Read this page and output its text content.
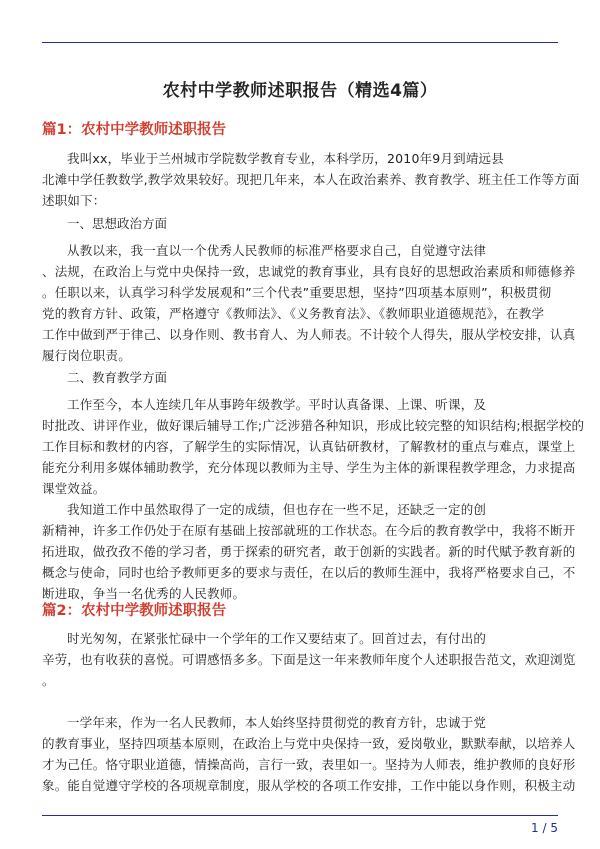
农村中学教师述职报告（精选4篇）
篇1：农村中学教师述职报告
我叫xx，毕业于兰州城市学院数学教育专业，本科学历，2010年9月到靖远县
北滩中学任教数学,教学效果较好。现把几年来，本人在政治素养、教育教学、班主任工作等方面
述职如下：
一、思想政治方面
从教以来，我一直以一个优秀人民教师的标准严格要求自己，自觉遵守法律
、法规，在政治上与党中央保持一致，忠诚党的教育事业，具有良好的思想政治素质和师德修养
。任职以来，认真学习科学发展观和”三个代表”重要思想，坚持”四项基本原则”，积极贯彻
党的教育方针、政策，严格遵守《教师法》、《义务教育法》、《教师职业道德规范》，在教学
工作中做到严于律己、以身作则、教书育人、为人师表。不计较个人得失，服从学校安排，认真
履行岗位职责。
二、教育教学方面
工作至今，本人连续几年从事跨年级教学。平时认真备课、上课、听课，及
时批改、讲评作业，做好课后辅导工作;广泛涉猎各种知识，形成比较完整的知识结构;根据学校的
工作目标和教材的内容，了解学生的实际情况，认真钻研教材，了解教材的重点与难点，课堂上
能充分利用多媒体辅助教学，充分体现以教师为主导、学生为主体的新课程教学理念，力求提高
课堂效益。
我知道工作中虽然取得了一定的成绩，但也存在一些不足，还缺乏一定的创
新精神，许多工作仍处于在原有基础上按部就班的工作状态。在今后的教育教学中，我将不断开
拓进取，做孜孜不倦的学习者，勇于探索的研究者，敢于创新的实践者。新的时代赋予教育新的
概念与使命，同时也给予教师更多的要求与责任，在以后的教师生涯中，我将严格要求自己，不
断进取，争当一名优秀的人民教师。
篇2：农村中学教师述职报告
时光匆匆，在紧张忙碌中一个学年的工作又要结束了。回首过去，有付出的
辛劳，也有收获的喜悦。可谓感悟多多。下面是这一年来教师年度个人述职报告范文，欢迎浏览
。
一学年来，作为一名人民教师，本人始终坚持贯彻党的教育方针，忠诚于党
的教育事业，坚持四项基本原则，在政治上与党中央保持一致，爱岗敬业，默默奉献，以培养人
才为己任。恪守职业道德，情操高尚，言行一致，表里如一。坚持为人师表，维护教师的良好形
象。能自觉遵守学校的各项规章制度，服从学校的各项工作安排，工作中能以身作则，积极主动
1 / 5
